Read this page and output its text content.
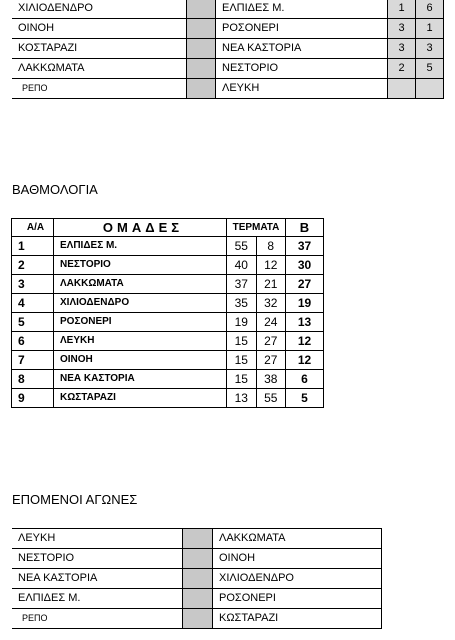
ΧΙΛΙΟΔΕΝΔΡΟ		ΕΛΠΙΔΕΣ Μ.	1	6
ΟΙΝΟΗ		ΡΟΣΟΝΕΡΙ	3	1
ΚΟΣΤΑΡΑΖΙ		ΝΕΑ ΚΑΣΤΟΡΙΑ	3	3
ΛΑΚΚΩΜΑΤΑ		ΝΕΣΤΟΡΙΟ	2	5
ΡΕΠΟ		ΛΕΥΚΗ		
ΒΑΘΜΟΛΟΓΙΑ
Α/Α	ΟΜΑΔΕΣ	ΤΕΡΜΑΤΑ		Β
1	ΕΛΠΙΔΕΣ Μ.	55	8	37
2	ΝΕΣΤΟΡΙΟ	40	12	30
3	ΛΑΚΚΩΜΑΤΑ	37	21	27
4	ΧΙΛΙΟΔΕΝΔΡΟ	35	32	19
5	ΡΟΣΟΝΕΡΙ	19	24	13
6	ΛΕΥΚΗ	15	27	12
7	ΟΙΝΟΗ	15	27	12
8	ΝΕΑ ΚΑΣΤΟΡΙΑ	15	38	6
9	ΚΩΣΤΑΡΑΖΙ	13	55	5
ΕΠΟΜΕΝΟΙ ΑΓΩΝΕΣ
ΛΕΥΚΗ		ΛΑΚΚΩΜΑΤΑ
ΝΕΣΤΟΡΙΟ		ΟΙΝΟΗ
ΝΕΑ ΚΑΣΤΟΡΙΑ		ΧΙΛΙΟΔΕΝΔΡΟ
ΕΛΠΙΔΕΣ Μ.		ΡΟΣΟΝΕΡΙ
ΡΕΠΟ		ΚΩΣΤΑΡΑΖΙ
